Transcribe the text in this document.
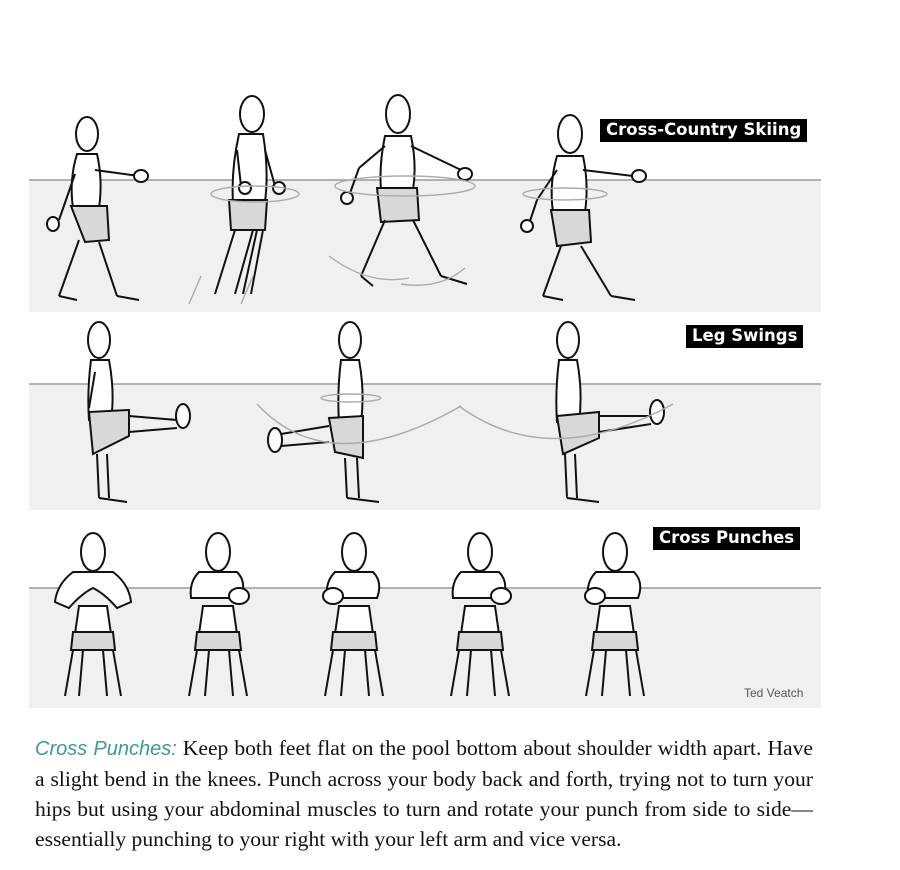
Cross-Country Skiing
Leg Swings
Cross Punches
Ted Veatch
Cross Punches: Keep both feet flat on the pool bottom about shoulder width apart. Have a slight bend in the knees. Punch across your body back and forth, trying not to turn your hips but using your abdominal muscles to turn and rotate your punch from side to side—essentially punching to your right with your left arm and vice versa.
